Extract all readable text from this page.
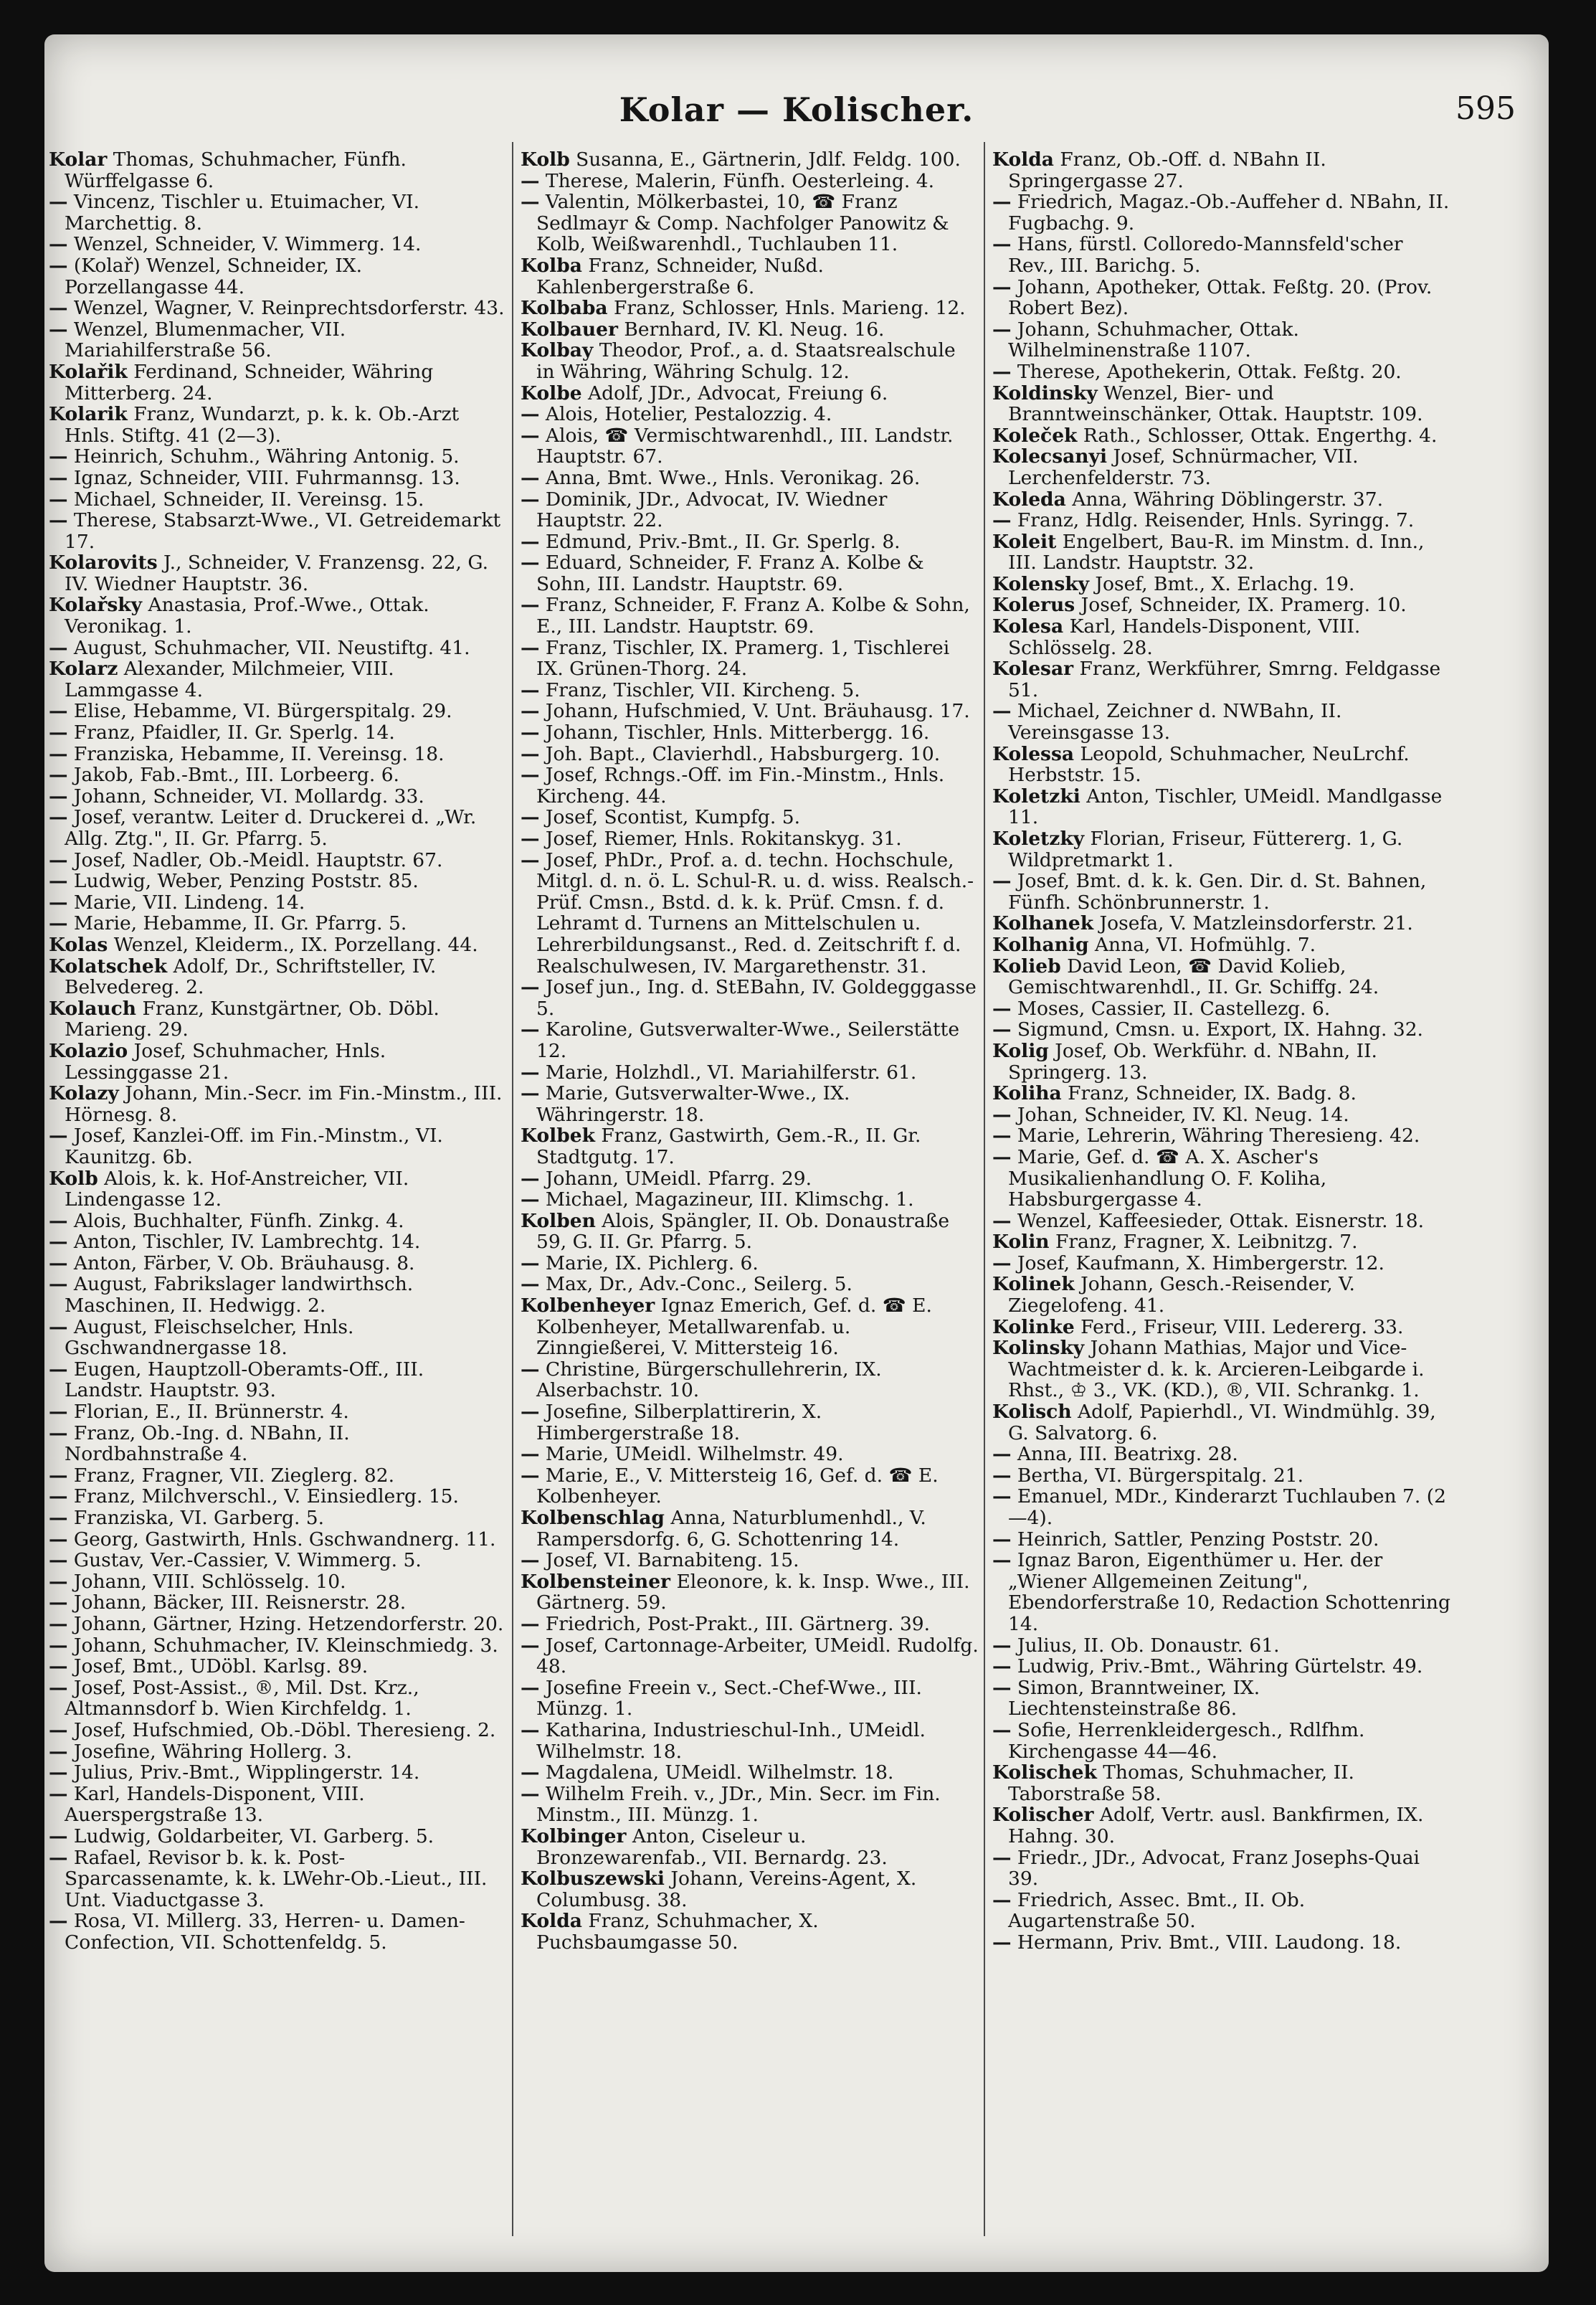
Kolar — Kolischer.	595

Kolar Thomas, Schuhmacher, Fünfh. Würffelgasse 6.

— Vincenz, Tischler u. Etuimacher, VI. Marchettig. 8.

— Wenzel, Schneider, V. Wimmerg. 14.

— (Kolař) Wenzel, Schneider, IX. Porzellangasse 44.

— Wenzel, Wagner, V. Reinprechtsdorferstr. 43.

— Wenzel, Blumenmacher, VII. Mariahilferstraße 56.

Kolařik Ferdinand, Schneider, Währing Mitterberg. 24.

Kolarik Franz, Wundarzt, p. k. k. Ob.-Arzt Hnls. Stiftg. 41 (2—3).

— Heinrich, Schuhm., Währing Antonig. 5.

— Ignaz, Schneider, VIII. Fuhrmannsg. 13.

— Michael, Schneider, II. Vereinsg. 15.

— Therese, Stabsarzt-Wwe., VI. Getreidemarkt 17.

Kolarovits J., Schneider, V. Franzensg. 22, G. IV. Wiedner Hauptstr. 36.

Kolařsky Anastasia, Prof.-Wwe., Ottak. Veronikag. 1.

— August, Schuhmacher, VII. Neustiftg. 41.

Kolarz Alexander, Milchmeier, VIII. Lammgasse 4.

— Elise, Hebamme, VI. Bürgerspitalg. 29.

— Franz, Pfaidler, II. Gr. Sperlg. 14.

— Franziska, Hebamme, II. Vereinsg. 18.

— Jakob, Fab.-Bmt., III. Lorbeerg. 6.

— Johann, Schneider, VI. Mollardg. 33.

— Josef, verantw. Leiter d. Druckerei d. „Wr. Allg. Ztg.", II. Gr. Pfarrg. 5.

— Josef, Nadler, Ob.-Meidl. Hauptstr. 67.

— Ludwig, Weber, Penzing Poststr. 85.

— Marie, VII. Lindeng. 14.

— Marie, Hebamme, II. Gr. Pfarrg. 5.

Kolas Wenzel, Kleiderm., IX. Porzellang. 44.

Kolatschek Adolf, Dr., Schriftsteller, IV. Belvedereg. 2.

Kolauch Franz, Kunstgärtner, Ob. Döbl. Marieng. 29.

Kolazio Josef, Schuhmacher, Hnls. Lessinggasse 21.

Kolazy Johann, Min.-Secr. im Fin.-Minstm., III. Hörnesg. 8.

— Josef, Kanzlei-Off. im Fin.-Minstm., VI. Kaunitzg. 6b.

Kolb Alois, k. k. Hof-Anstreicher, VII. Lindengasse 12.

— Alois, Buchhalter, Fünfh. Zinkg. 4.

— Anton, Tischler, IV. Lambrechtg. 14.

— Anton, Färber, V. Ob. Bräuhausg. 8.

— August, Fabrikslager landwirthsch. Maschinen, II. Hedwigg. 2.

— August, Fleischselcher, Hnls. Gschwandnergasse 18.

— Eugen, Hauptzoll-Oberamts-Off., III. Landstr. Hauptstr. 93.

— Florian, E., II. Brünnerstr. 4.

— Franz, Ob.-Ing. d. NBahn, II. Nordbahnstraße 4.

— Franz, Fragner, VII. Zieglerg. 82.

— Franz, Milchverschl., V. Einsiedlerg. 15.

— Franziska, VI. Garberg. 5.

— Georg, Gastwirth, Hnls. Gschwandnerg. 11.

— Gustav, Ver.-Cassier, V. Wimmerg. 5.

— Johann, VIII. Schlösselg. 10.

— Johann, Bäcker, III. Reisnerstr. 28.

— Johann, Gärtner, Hzing. Hetzendorferstr. 20.

— Johann, Schuhmacher, IV. Kleinschmiedg. 3.

— Josef, Bmt., UDöbl. Karlsg. 89.

— Josef, Post-Assist., ®, Mil. Dst. Krz., Altmannsdorf b. Wien Kirchfeldg. 1.

— Josef, Hufschmied, Ob.-Döbl. Theresieng. 2.

— Josefine, Währing Hollerg. 3.

— Julius, Priv.-Bmt., Wipplingerstr. 14.

— Karl, Handels-Disponent, VIII. Auerspergstraße 13.

— Ludwig, Goldarbeiter, VI. Garberg. 5.

— Rafael, Revisor b. k. k. Post-Sparcassenamte, k. k. LWehr-Ob.-Lieut., III. Unt. Viaductgasse 3.

— Rosa, VI. Millerg. 33, Herren- u. Damen-Confection, VII. Schottenfeldg. 5.

Kolb Susanna, E., Gärtnerin, Jdlf. Feldg. 100.

— Therese, Malerin, Fünfh. Oesterleing. 4.

— Valentin, Mölkerbastei, 10, ☎ Franz Sedlmayr & Comp. Nachfolger Panowitz & Kolb, Weißwarenhdl., Tuchlauben 11.

Kolba Franz, Schneider, Nußd. Kahlenbergerstraße 6.

Kolbaba Franz, Schlosser, Hnls. Marieng. 12.

Kolbauer Bernhard, IV. Kl. Neug. 16.

Kolbay Theodor, Prof., a. d. Staatsrealschule in Währing, Währing Schulg. 12.

Kolbe Adolf, JDr., Advocat, Freiung 6.

— Alois, Hotelier, Pestalozzig. 4.

— Alois, ☎ Vermischtwarenhdl., III. Landstr. Hauptstr. 67.

— Anna, Bmt. Wwe., Hnls. Veronikag. 26.

— Dominik, JDr., Advocat, IV. Wiedner Hauptstr. 22.

— Edmund, Priv.-Bmt., II. Gr. Sperlg. 8.

— Eduard, Schneider, F. Franz A. Kolbe & Sohn, III. Landstr. Hauptstr. 69.

— Franz, Schneider, F. Franz A. Kolbe & Sohn, E., III. Landstr. Hauptstr. 69.

— Franz, Tischler, IX. Pramerg. 1, Tischlerei IX. Grünen-Thorg. 24.

— Franz, Tischler, VII. Kircheng. 5.

— Johann, Hufschmied, V. Unt. Bräuhausg. 17.

— Johann, Tischler, Hnls. Mitterbergg. 16.

— Joh. Bapt., Clavierhdl., Habsburgerg. 10.

— Josef, Rchngs.-Off. im Fin.-Minstm., Hnls. Kircheng. 44.

— Josef, Scontist, Kumpfg. 5.

— Josef, Riemer, Hnls. Rokitanskyg. 31.

— Josef, PhDr., Prof. a. d. techn. Hochschule, Mitgl. d. n. ö. L. Schul-R. u. d. wiss. Realsch.-Prüf. Cmsn., Bstd. d. k. k. Prüf. Cmsn. f. d. Lehramt d. Turnens an Mittelschulen u. Lehrerbildungsanst., Red. d. Zeitschrift f. d. Realschulwesen, IV. Margarethenstr. 31.

— Josef jun., Ing. d. StEBahn, IV. Goldegggasse 5.

— Karoline, Gutsverwalter-Wwe., Seilerstätte 12.

— Marie, Holzhdl., VI. Mariahilferstr. 61.

— Marie, Gutsverwalter-Wwe., IX. Währingerstr. 18.

Kolbek Franz, Gastwirth, Gem.-R., II. Gr. Stadtgutg. 17.

— Johann, UMeidl. Pfarrg. 29.

— Michael, Magazineur, III. Klimschg. 1.

Kolben Alois, Spängler, II. Ob. Donaustraße 59, G. II. Gr. Pfarrg. 5.

— Marie, IX. Pichlerg. 6.

— Max, Dr., Adv.-Conc., Seilerg. 5.

Kolbenheyer Ignaz Emerich, Gef. d. ☎ E. Kolbenheyer, Metallwarenfab. u. Zinngießerei, V. Mittersteig 16.

— Christine, Bürgerschullehrerin, IX. Alserbachstr. 10.

— Josefine, Silberplattirerin, X. Himbergerstraße 18.

— Marie, UMeidl. Wilhelmstr. 49.

— Marie, E., V. Mittersteig 16, Gef. d. ☎ E. Kolbenheyer.

Kolbenschlag Anna, Naturblumenhdl., V. Rampersdorfg. 6, G. Schottenring 14.

— Josef, VI. Barnabiteng. 15.

Kolbensteiner Eleonore, k. k. Insp. Wwe., III. Gärtnerg. 59.

— Friedrich, Post-Prakt., III. Gärtnerg. 39.

— Josef, Cartonnage-Arbeiter, UMeidl. Rudolfg. 48.

— Josefine Freein v., Sect.-Chef-Wwe., III. Münzg. 1.

— Katharina, Industrieschul-Inh., UMeidl. Wilhelmstr. 18.

— Magdalena, UMeidl. Wilhelmstr. 18.

— Wilhelm Freih. v., JDr., Min. Secr. im Fin. Minstm., III. Münzg. 1.

Kolbinger Anton, Ciseleur u. Bronzewarenfab., VII. Bernardg. 23.

Kolbuszewski Johann, Vereins-Agent, X. Columbusg. 38.

Kolda Franz, Schuhmacher, X. Puchsbaumgasse 50.

Kolda Franz, Ob.-Off. d. NBahn II. Springergasse 27.

— Friedrich, Magaz.-Ob.-Auffeher d. NBahn, II. Fugbachg. 9.

— Hans, fürstl. Colloredo-Mannsfeld'scher Rev., III. Barichg. 5.

— Johann, Apotheker, Ottak. Feßtg. 20. (Prov. Robert Bez).

— Johann, Schuhmacher, Ottak. Wilhelminenstraße 1107.

— Therese, Apothekerin, Ottak. Feßtg. 20.

Koldinsky Wenzel, Bier- und Branntweinschänker, Ottak. Hauptstr. 109.

Koleček Rath., Schlosser, Ottak. Engerthg. 4.

Kolecsanyi Josef, Schnürmacher, VII. Lerchenfelderstr. 73.

Koleda Anna, Währing Döblingerstr. 37.

— Franz, Hdlg. Reisender, Hnls. Syringg. 7.

Koleit Engelbert, Bau-R. im Minstm. d. Inn., III. Landstr. Hauptstr. 32.

Kolensky Josef, Bmt., X. Erlachg. 19.

Kolerus Josef, Schneider, IX. Pramerg. 10.

Kolesa Karl, Handels-Disponent, VIII. Schlösselg. 28.

Kolesar Franz, Werkführer, Smrng. Feldgasse 51.

— Michael, Zeichner d. NWBahn, II. Vereinsgasse 13.

Kolessa Leopold, Schuhmacher, NeuLrchf. Herbststr. 15.

Koletzki Anton, Tischler, UMeidl. Mandlgasse 11.

Koletzky Florian, Friseur, Füttererg. 1, G. Wildpretmarkt 1.

— Josef, Bmt. d. k. k. Gen. Dir. d. St. Bahnen, Fünfh. Schönbrunnerstr. 1.

Kolhanek Josefa, V. Matzleinsdorferstr. 21.

Kolhanig Anna, VI. Hofmühlg. 7.

Kolieb David Leon, ☎ David Kolieb, Gemischtwarenhdl., II. Gr. Schiffg. 24.

— Moses, Cassier, II. Castellezg. 6.

— Sigmund, Cmsn. u. Export, IX. Hahng. 32.

Kolig Josef, Ob. Werkführ. d. NBahn, II. Springerg. 13.

Koliha Franz, Schneider, IX. Badg. 8.

— Johan, Schneider, IV. Kl. Neug. 14.

— Marie, Lehrerin, Währing Theresieng. 42.

— Marie, Gef. d. ☎ A. X. Ascher's Musikalienhandlung O. F. Koliha, Habsburgergasse 4.

— Wenzel, Kaffeesieder, Ottak. Eisnerstr. 18.

Kolin Franz, Fragner, X. Leibnitzg. 7.

— Josef, Kaufmann, X. Himbergerstr. 12.

Kolinek Johann, Gesch.-Reisender, V. Ziegelofeng. 41.

Kolinke Ferd., Friseur, VIII. Ledererg. 33.

Kolinsky Johann Mathias, Major und Vice-Wachtmeister d. k. k. Arcieren-Leibgarde i. Rhst., ♔ 3., VK. (KD.), ®, VII. Schrankg. 1.

Kolisch Adolf, Papierhdl., VI. Windmühlg. 39, G. Salvatorg. 6.

— Anna, III. Beatrixg. 28.

— Bertha, VI. Bürgerspitalg. 21.

— Emanuel, MDr., Kinderarzt Tuchlauben 7. (2—4).

— Heinrich, Sattler, Penzing Poststr. 20.

— Ignaz Baron, Eigenthümer u. Her. der „Wiener Allgemeinen Zeitung", Ebendorferstraße 10, Redaction Schottenring 14.

— Julius, II. Ob. Donaustr. 61.

— Ludwig, Priv.-Bmt., Währing Gürtelstr. 49.

— Simon, Branntweiner, IX. Liechtensteinstraße 86.

— Sofie, Herrenkleidergesch., Rdlfhm. Kirchengasse 44—46.

Kolischek Thomas, Schuhmacher, II. Taborstraße 58.

Kolischer Adolf, Vertr. ausl. Bankfirmen, IX. Hahng. 30.

— Friedr., JDr., Advocat, Franz Josephs-Quai 39.

— Friedrich, Assec. Bmt., II. Ob. Augartenstraße 50.

— Hermann, Priv. Bmt., VIII. Laudong. 18.
